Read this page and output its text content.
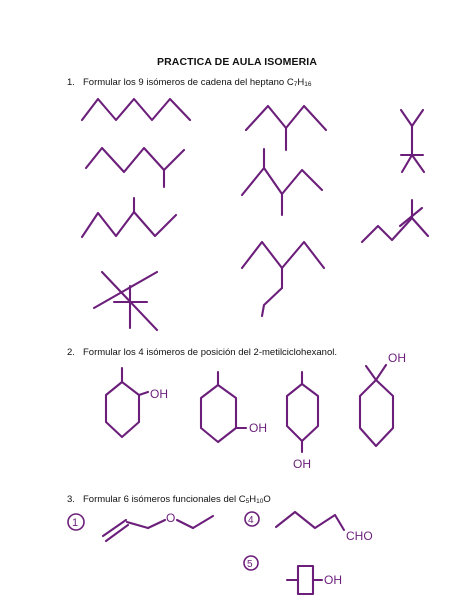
PRACTICA DE AULA ISOMERIA
1. Formular los 9 isómeros de cadena del heptano $C_7H_{16}$
2. Formular los 4 isómeros de posición del 2-metilciclohexanol.
3. Formular 6 isómeros funcionales del $C_5H_{10}O$
OH
OH
OH
OH
1	O	4
CHO
5
OH
